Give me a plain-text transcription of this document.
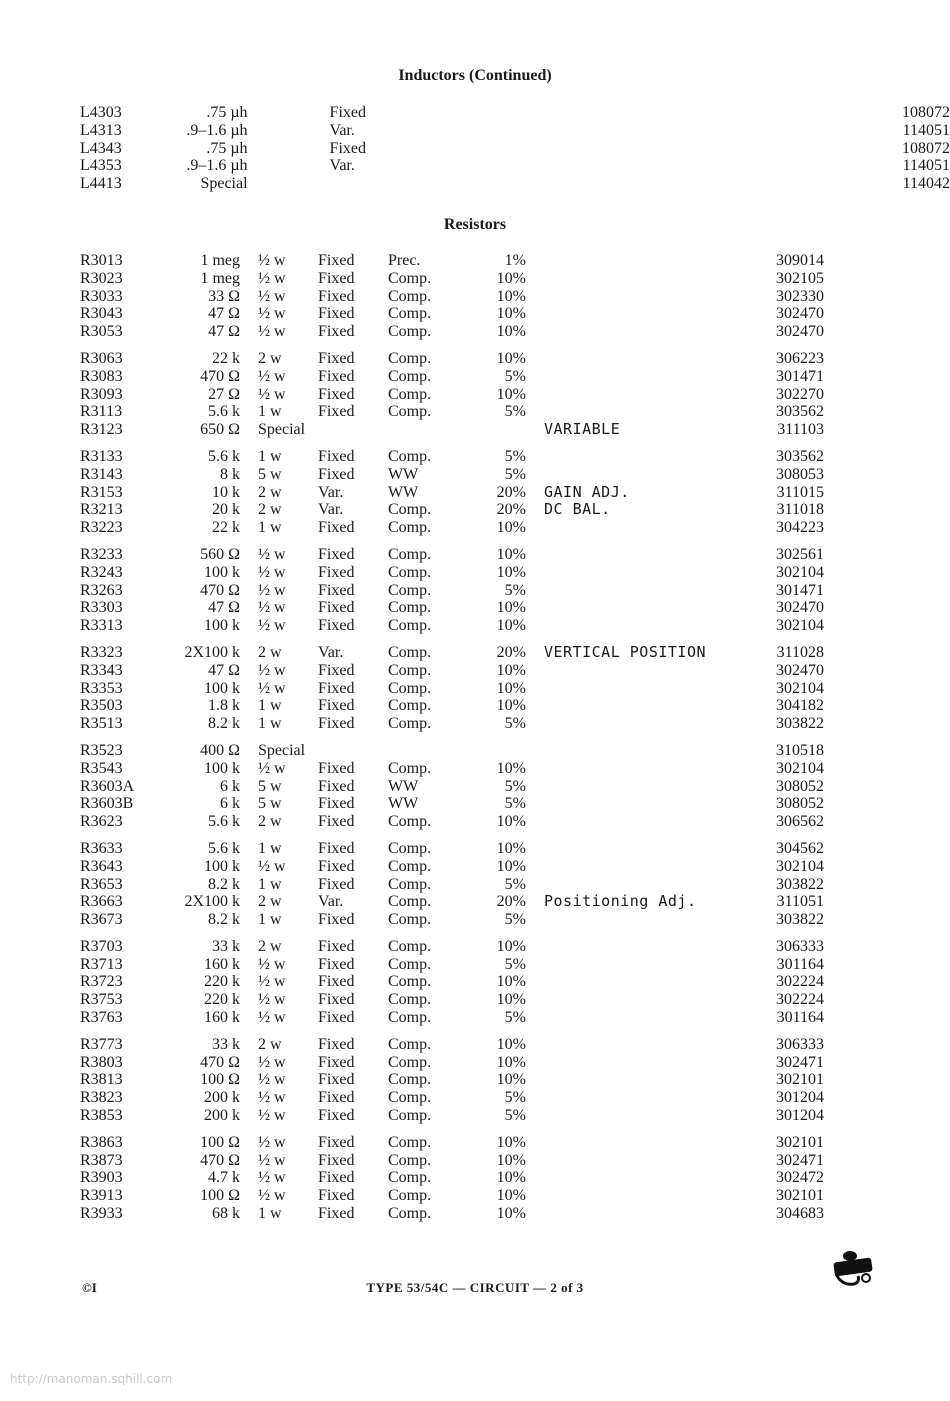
Inductors (Continued)
L4303	.75 µh	Fixed	108072
L4313	.9–1.6 µh	Var.	114051
L4343	.75 µh	Fixed	108072
L4353	.9–1.6 µh	Var.	114051
L4413	Special		114042
Resistors
R3013	1 meg	½ w	Fixed	Prec.	1%		309014
R3023	1 meg	½ w	Fixed	Comp.	10%		302105
R3033	33 Ω	½ w	Fixed	Comp.	10%		302330
R3043	47 Ω	½ w	Fixed	Comp.	10%		302470
R3053	47 Ω	½ w	Fixed	Comp.	10%		302470

R3063	22 k	2 w	Fixed	Comp.	10%		306223
R3083	470 Ω	½ w	Fixed	Comp.	5%		301471
R3093	27 Ω	½ w	Fixed	Comp.	10%		302270
R3113	5.6 k	1 w	Fixed	Comp.	5%		303562
R3123	650 Ω	Special				VARIABLE	311103

R3133	5.6 k	1 w	Fixed	Comp.	5%		303562
R3143	8 k	5 w	Fixed	WW	5%		308053
R3153	10 k	2 w	Var.	WW	20%	GAIN ADJ.	311015
R3213	20 k	2 w	Var.	Comp.	20%	DC BAL.	311018
R3223	22 k	1 w	Fixed	Comp.	10%		304223

R3233	560 Ω	½ w	Fixed	Comp.	10%		302561
R3243	100 k	½ w	Fixed	Comp.	10%		302104
R3263	470 Ω	½ w	Fixed	Comp.	5%		301471
R3303	47 Ω	½ w	Fixed	Comp.	10%		302470
R3313	100 k	½ w	Fixed	Comp.	10%		302104

R3323	2X100 k	2 w	Var.	Comp.	20%	VERTICAL POSITION	311028
R3343	47 Ω	½ w	Fixed	Comp.	10%		302470
R3353	100 k	½ w	Fixed	Comp.	10%		302104
R3503	1.8 k	1 w	Fixed	Comp.	10%		304182
R3513	8.2 k	1 w	Fixed	Comp.	5%		303822

R3523	400 Ω	Special					310518
R3543	100 k	½ w	Fixed	Comp.	10%		302104
R3603A	6 k	5 w	Fixed	WW	5%		308052
R3603B	6 k	5 w	Fixed	WW	5%		308052
R3623	5.6 k	2 w	Fixed	Comp.	10%		306562

R3633	5.6 k	1 w	Fixed	Comp.	10%		304562
R3643	100 k	½ w	Fixed	Comp.	10%		302104
R3653	8.2 k	1 w	Fixed	Comp.	5%		303822
R3663	2X100 k	2 w	Var.	Comp.	20%	Positioning Adj.	311051
R3673	8.2 k	1 w	Fixed	Comp.	5%		303822

R3703	33 k	2 w	Fixed	Comp.	10%		306333
R3713	160 k	½ w	Fixed	Comp.	5%		301164
R3723	220 k	½ w	Fixed	Comp.	10%		302224
R3753	220 k	½ w	Fixed	Comp.	10%		302224
R3763	160 k	½ w	Fixed	Comp.	5%		301164

R3773	33 k	2 w	Fixed	Comp.	10%		306333
R3803	470 Ω	½ w	Fixed	Comp.	10%		302471
R3813	100 Ω	½ w	Fixed	Comp.	10%		302101
R3823	200 k	½ w	Fixed	Comp.	5%		301204
R3853	200 k	½ w	Fixed	Comp.	5%		301204

R3863	100 Ω	½ w	Fixed	Comp.	10%		302101
R3873	470 Ω	½ w	Fixed	Comp.	10%		302471
R3903	4.7 k	½ w	Fixed	Comp.	10%		302472
R3913	100 Ω	½ w	Fixed	Comp.	10%		302101
R3933	68 k	1 w	Fixed	Comp.	10%		304683
©I	TYPE 53/54C — CIRCUIT — 2 of 3
http://manoman.sqhill.com
